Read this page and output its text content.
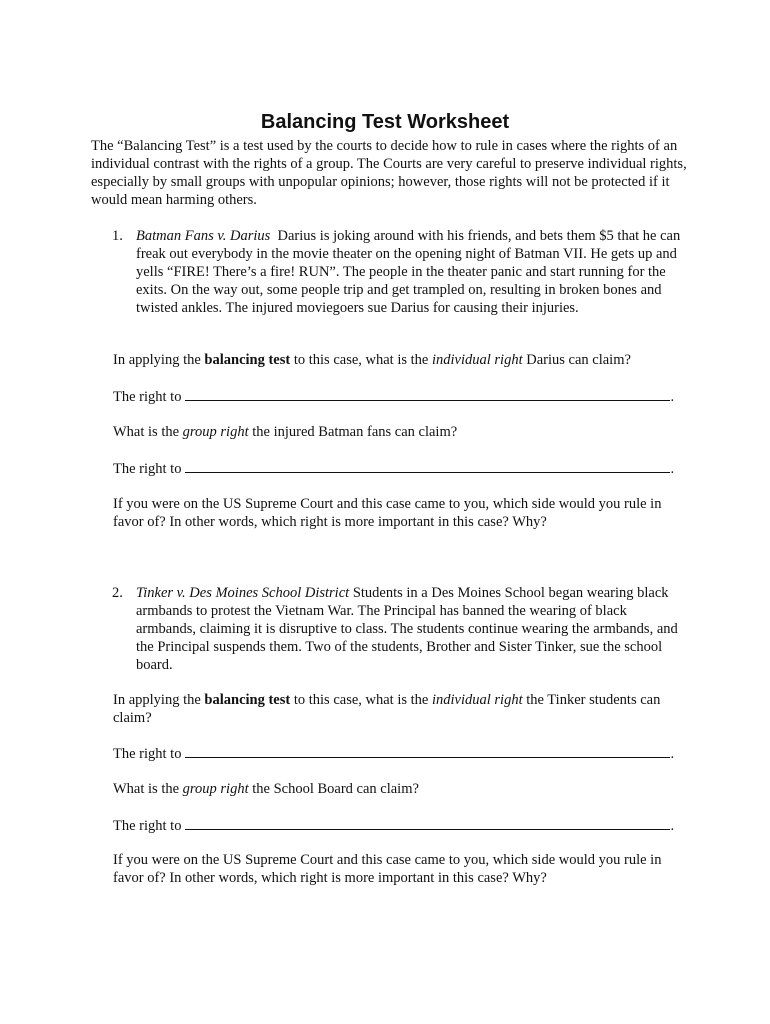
Balancing Test Worksheet

The “Balancing Test” is a test used by the courts to decide how to rule in cases where the rights of an individual contrast with the rights of a group. The Courts are very careful to preserve individual rights, especially by small groups with unpopular opinions; however, those rights will not be protected if it would mean harming others.

1. Batman Fans v. Darius Darius is joking around with his friends, and bets them $5 that he can freak out everybody in the movie theater on the opening night of Batman VII. He gets up and yells “FIRE! There’s a fire! RUN”. The people in the theater panic and start running for the exits. On the way out, some people trip and get trampled on, resulting in broken bones and twisted ankles. The injured moviegoers sue Darius for causing their injuries.

In applying the balancing test to this case, what is the individual right Darius can claim?

The right to	.

What is the group right the injured Batman fans can claim?

The right to	.

If you were on the US Supreme Court and this case came to you, which side would you rule in favor of? In other words, which right is more important in this case? Why?

2. Tinker v. Des Moines School District Students in a Des Moines School began wearing black armbands to protest the Vietnam War. The Principal has banned the wearing of black armbands, claiming it is disruptive to class. The students continue wearing the armbands, and the Principal suspends them. Two of the students, Brother and Sister Tinker, sue the school board.

In applying the balancing test to this case, what is the individual right the Tinker students can claim?

The right to	.

What is the group right the School Board can claim?

The right to	.

If you were on the US Supreme Court and this case came to you, which side would you rule in favor of? In other words, which right is more important in this case? Why?
